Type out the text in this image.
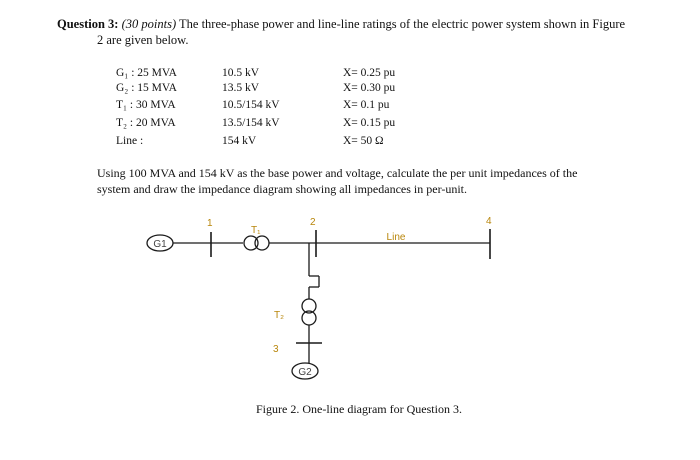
Question 3: (30 points) The three-phase power and line-line ratings of the electric power system shown in Figure
2 are given below.
G₁ : 25 MVA	10.5 kV	X= 0.25 pu
G₂ : 15 MVA	13.5 kV	X= 0.30 pu
T₁ : 30 MVA	10.5/154 kV	X= 0.1 pu
T₂ : 20 MVA	13.5/154 kV	X= 0.15 pu
Line :	154 kV	X= 50 Ω
Using 100 MVA and 154 kV as the base power and voltage, calculate the per unit impedances of the
system and draw the impedance diagram showing all impedances in per-unit.
G1
G2
T₁
T₂
Line
1	2
3
4
Figure 2. One-line diagram for Question 3.
